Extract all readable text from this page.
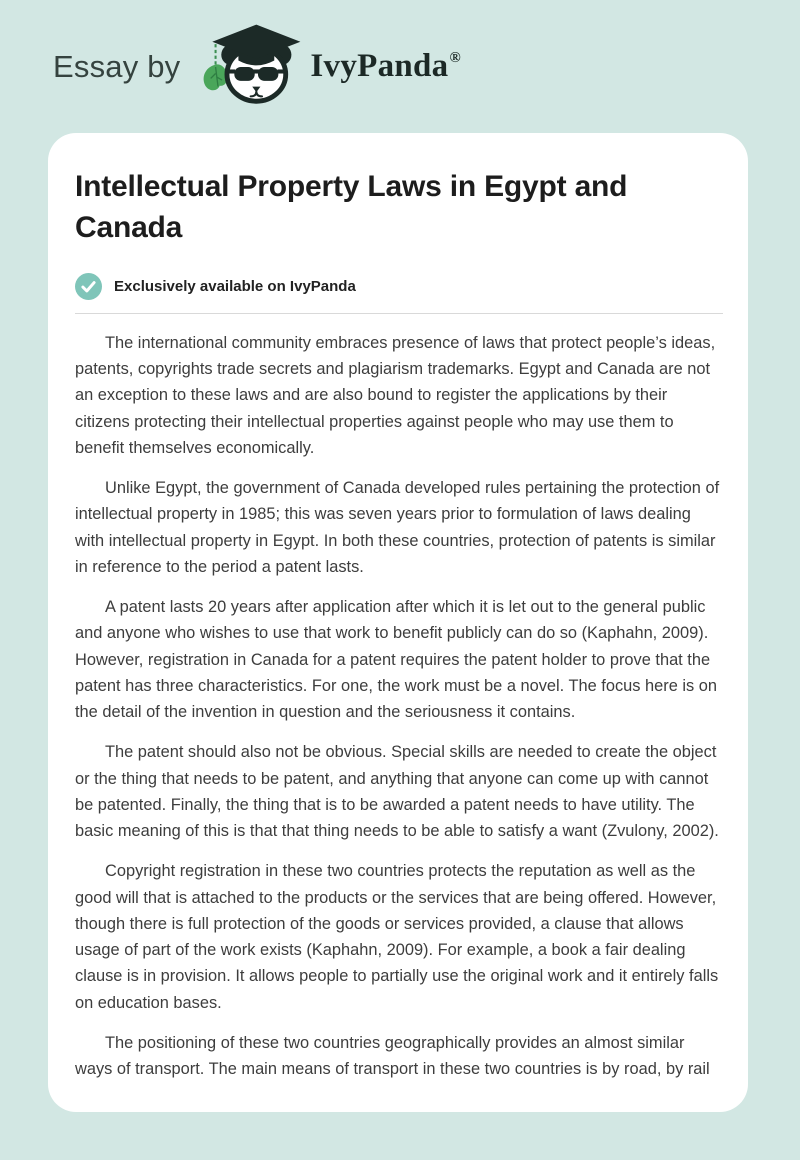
Essay by	IvyPanda®
Intellectual Property Laws in Egypt and Canada
Exclusively available on IvyPanda

The international community embraces presence of laws that protect people’s ideas, patents, copyrights trade secrets and plagiarism trademarks. Egypt and Canada are not an exception to these laws and are also bound to register the applications by their citizens protecting their intellectual properties against people who may use them to benefit themselves economically.

Unlike Egypt, the government of Canada developed rules pertaining the protection of intellectual property in 1985; this was seven years prior to formulation of laws dealing with intellectual property in Egypt. In both these countries, protection of patents is similar in reference to the period a patent lasts.

A patent lasts 20 years after application after which it is let out to the general public and anyone who wishes to use that work to benefit publicly can do so (Kaphahn, 2009). However, registration in Canada for a patent requires the patent holder to prove that the patent has three characteristics. For one, the work must be a novel. The focus here is on the detail of the invention in question and the seriousness it contains.

The patent should also not be obvious. Special skills are needed to create the object or the thing that needs to be patent, and anything that anyone can come up with cannot be patented. Finally, the thing that is to be awarded a patent needs to have utility. The basic meaning of this is that that thing needs to be able to satisfy a want (Zvulony, 2002).

Copyright registration in these two countries protects the reputation as well as the good will that is attached to the products or the services that are being offered. However, though there is full protection of the goods or services provided, a clause that allows usage of part of the work exists (Kaphahn, 2009). For example, a book a fair dealing clause is in provision. It allows people to partially use the original work and it entirely falls on education bases.

The positioning of these two countries geographically provides an almost similar ways of transport. The main means of transport in these two countries is by road, by rail
